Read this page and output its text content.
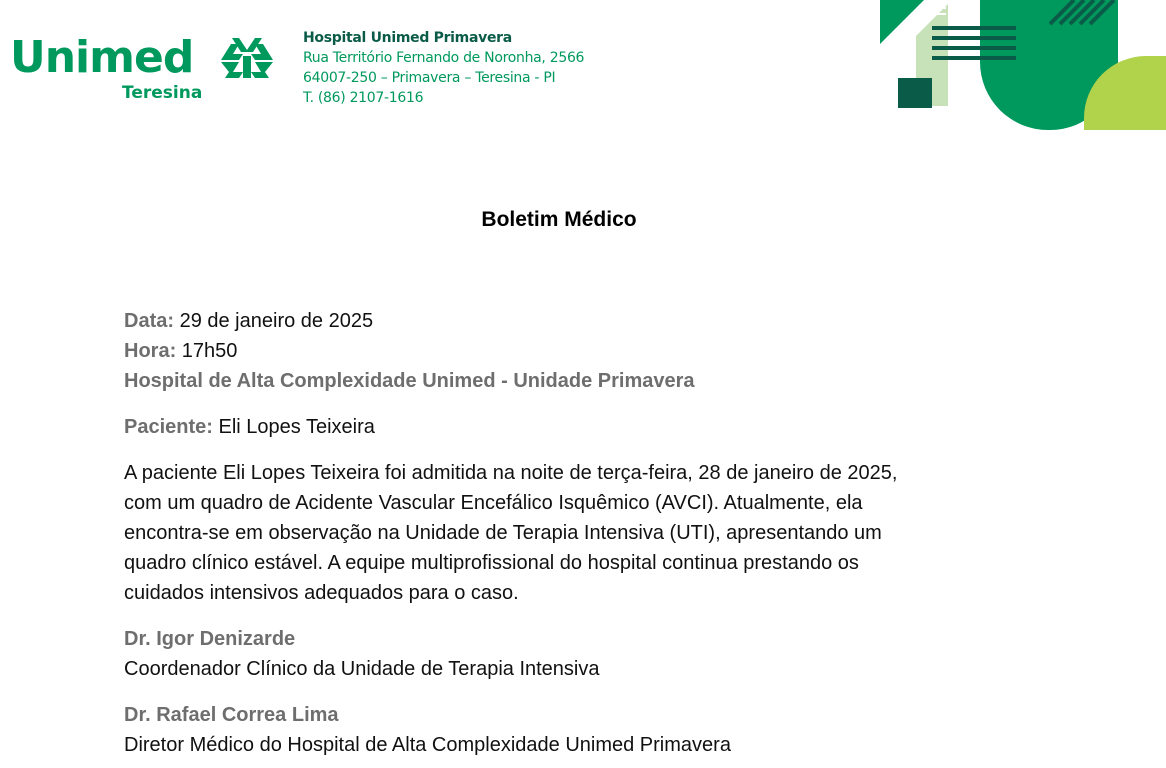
Unimed
Teresina
Hospital Unimed Primavera
Rua Território Fernando de Noronha, 2566
64007-250 – Primavera – Teresina - PI
T. (86) 2107-1616
Boletim Médico
Data: 29 de janeiro de 2025
Hora: 17h50
Hospital de Alta Complexidade Unimed - Unidade Primavera
Paciente: Eli Lopes Teixeira
A paciente Eli Lopes Teixeira foi admitida na noite de terça-feira, 28 de janeiro de 2025,
com um quadro de Acidente Vascular Encefálico Isquêmico (AVCI). Atualmente, ela
encontra-se em observação na Unidade de Terapia Intensiva (UTI), apresentando um
quadro clínico estável. A equipe multiprofissional do hospital continua prestando os
cuidados intensivos adequados para o caso.
Dr. Igor Denizarde
Coordenador Clínico da Unidade de Terapia Intensiva
Dr. Rafael Correa Lima
Diretor Médico do Hospital de Alta Complexidade Unimed Primavera
